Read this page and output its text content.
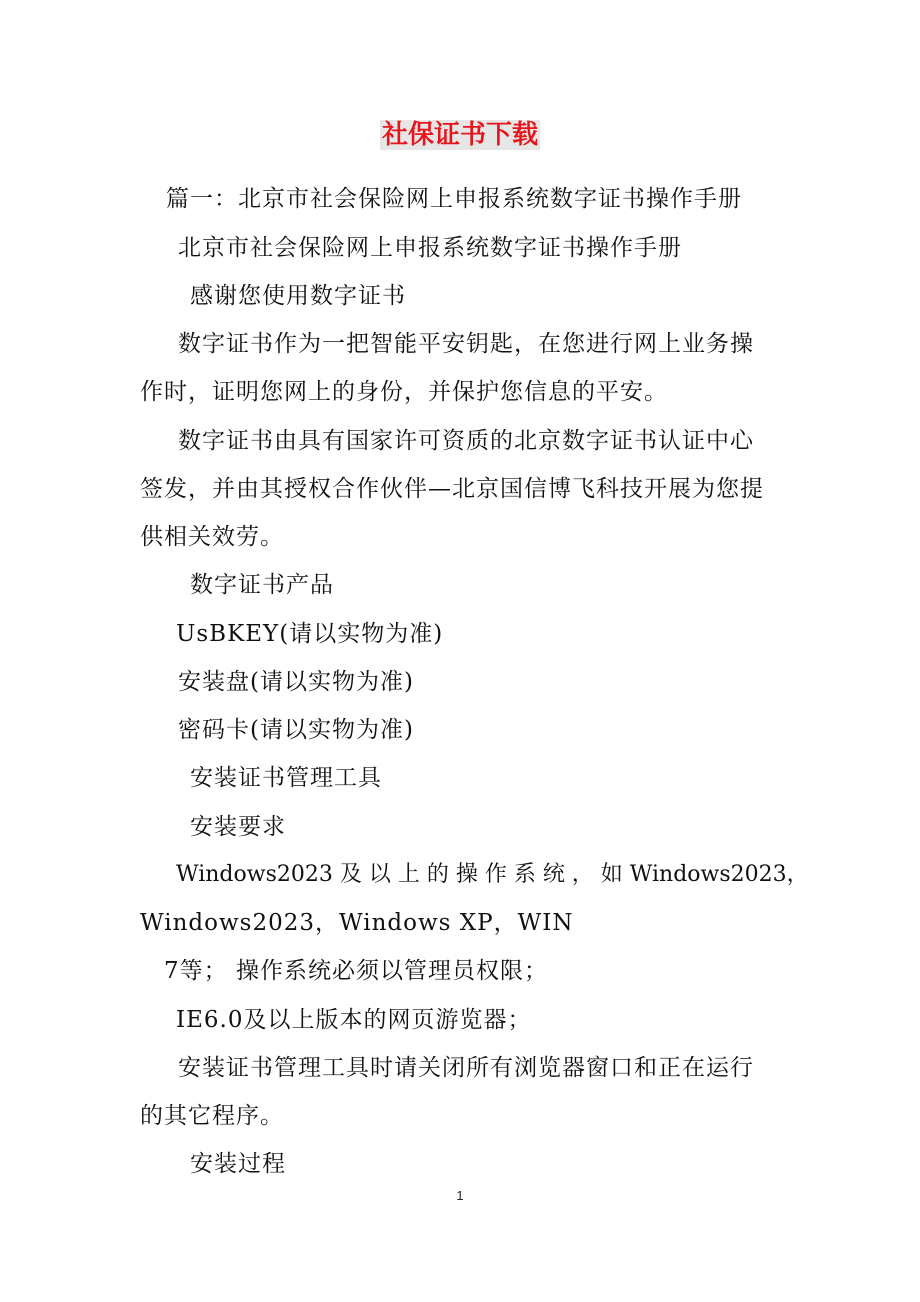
社保证书下载
篇一：北京市社会保险网上申报系统数字证书操作手册
北京市社会保险网上申报系统数字证书操作手册
感谢您使用数字证书
数字证书作为一把智能平安钥匙，在您进行网上业务操
作时，证明您网上的身份，并保护您信息的平安。
数字证书由具有国家许可资质的北京数字证书认证中心
签发，并由其授权合作伙伴—北京国信博飞科技开展为您提
供相关效劳。
数字证书产品
UsBKEY(请以实物为准)
安装盘(请以实物为准)
密码卡(请以实物为准)
安装证书管理工具
安装要求
Windows2023 及 以 上 的 操 作 系 统 ， 如 Windows2023，
Windows2023，Windows XP，WIN
7等； 操作系统必须以管理员权限；
IE6.0及以上版本的网页游览器；
安装证书管理工具时请关闭所有浏览器窗口和正在运行
的其它程序。
安装过程
1
